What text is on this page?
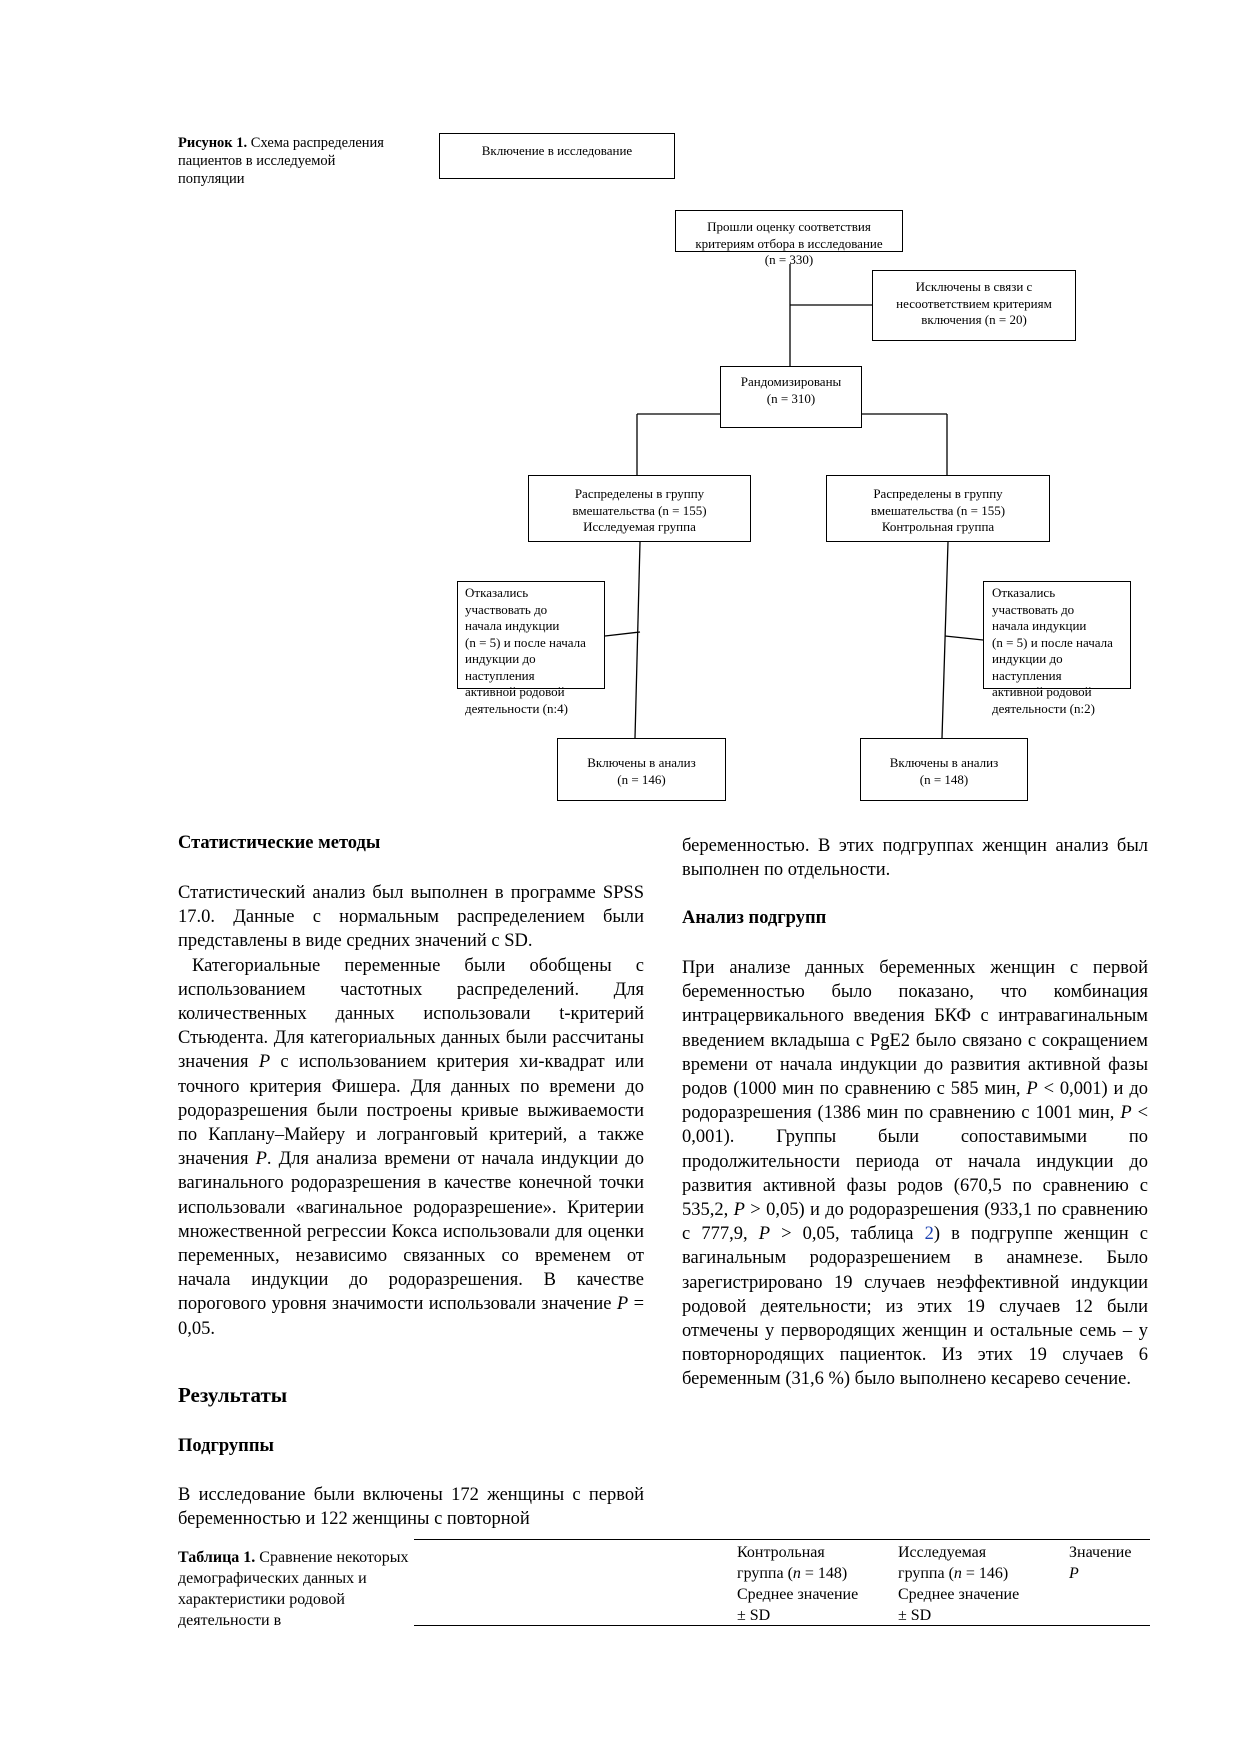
Рисунок 1. Схема распределения пациентов в исследуемой популяции
Включение в исследование
Прошли оценку соответствия
критериям отбора в исследование
(n = 330)
Исключены в связи с
несоответствием критериям
включения (n = 20)
Рандомизированы
(n = 310)
Распределены в группу
вмешательства (n = 155)
Исследуемая группа
Распределены в группу
вмешательства (n = 155)
Контрольная группа
Отказались
участвовать до
начала индукции
(n = 5) и после начала
индукции до
наступления
активной родовой
деятельности (n:4)
Отказались
участвовать до
начала индукции
(n = 5) и после начала
индукции до
наступления
активной родовой
деятельности (n:2)
Включены в анализ
(n = 146)
Включены в анализ
(n = 148)
Статистические методы

Статистический анализ был выполнен в программе SPSS 17.0. Данные с нормальным распределением были представлены в виде средних значений с SD.

Категориальные переменные были обобщены с использованием частотных распределений. Для количественных данных использовали t-критерий Стьюдента. Для категориальных данных были рассчитаны значения P с использованием критерия хи-квадрат или точного критерия Фишера. Для данных по времени до родоразрешения были построены кривые выживаемости по Каплану–Майеру и логранговый критерий, а также значения P. Для анализа времени от начала индукции до вагинального родоразрешения в качестве конечной точки использовали «вагинальное родоразрешение». Критерии множественной регрессии Кокса использовали для оценки переменных, независимо связанных со временем от начала индукции до родоразрешения. В качестве порогового уровня значимости использовали значение P = 0,05.

Результаты
Подгруппы
В исследование были включены 172 женщины с первой беременностью и 122 женщины с повторной
беременностью. В этих подгруппах женщин анализ был выполнен по отдельности.
Анализ подгрупп

При анализе данных беременных женщин с первой беременностью было показано, что комбинация интрацервикального введения БКФ с интравагинальным введением вкладыша с PgE2 было связано с сокращением времени от начала индукции до развития активной фазы родов (1000 мин по сравнению с 585 мин, P < 0,001) и до родоразрешения (1386 мин по сравнению с 1001 мин, P < 0,001). Группы были сопоставимыми по продолжительности периода от начала индукции до развития активной фазы родов (670,5 по сравнению с 535,2, P > 0,05) и до родоразрешения (933,1 по сравнению с 777,9, P > 0,05, таблица 2) в подгруппе женщин с вагинальным родоразрешением в анамнезе. Было зарегистрировано 19 случаев неэффективной индукции родовой деятельности; из этих 19 случаев 12 были отмечены у первородящих женщин и остальные семь – у повторнородящих пациенток. Из этих 19 случаев 6 беременным (31,6 %) было выполнено кесарево сечение.

Таблица 1. Сравнение некоторых демографических данных и характеристики родовой деятельности в
Контрольная
группа (n = 148)
Среднее значение
± SD
Исследуемая
группа (n = 146)
Среднее значение
± SD
Значение
P
